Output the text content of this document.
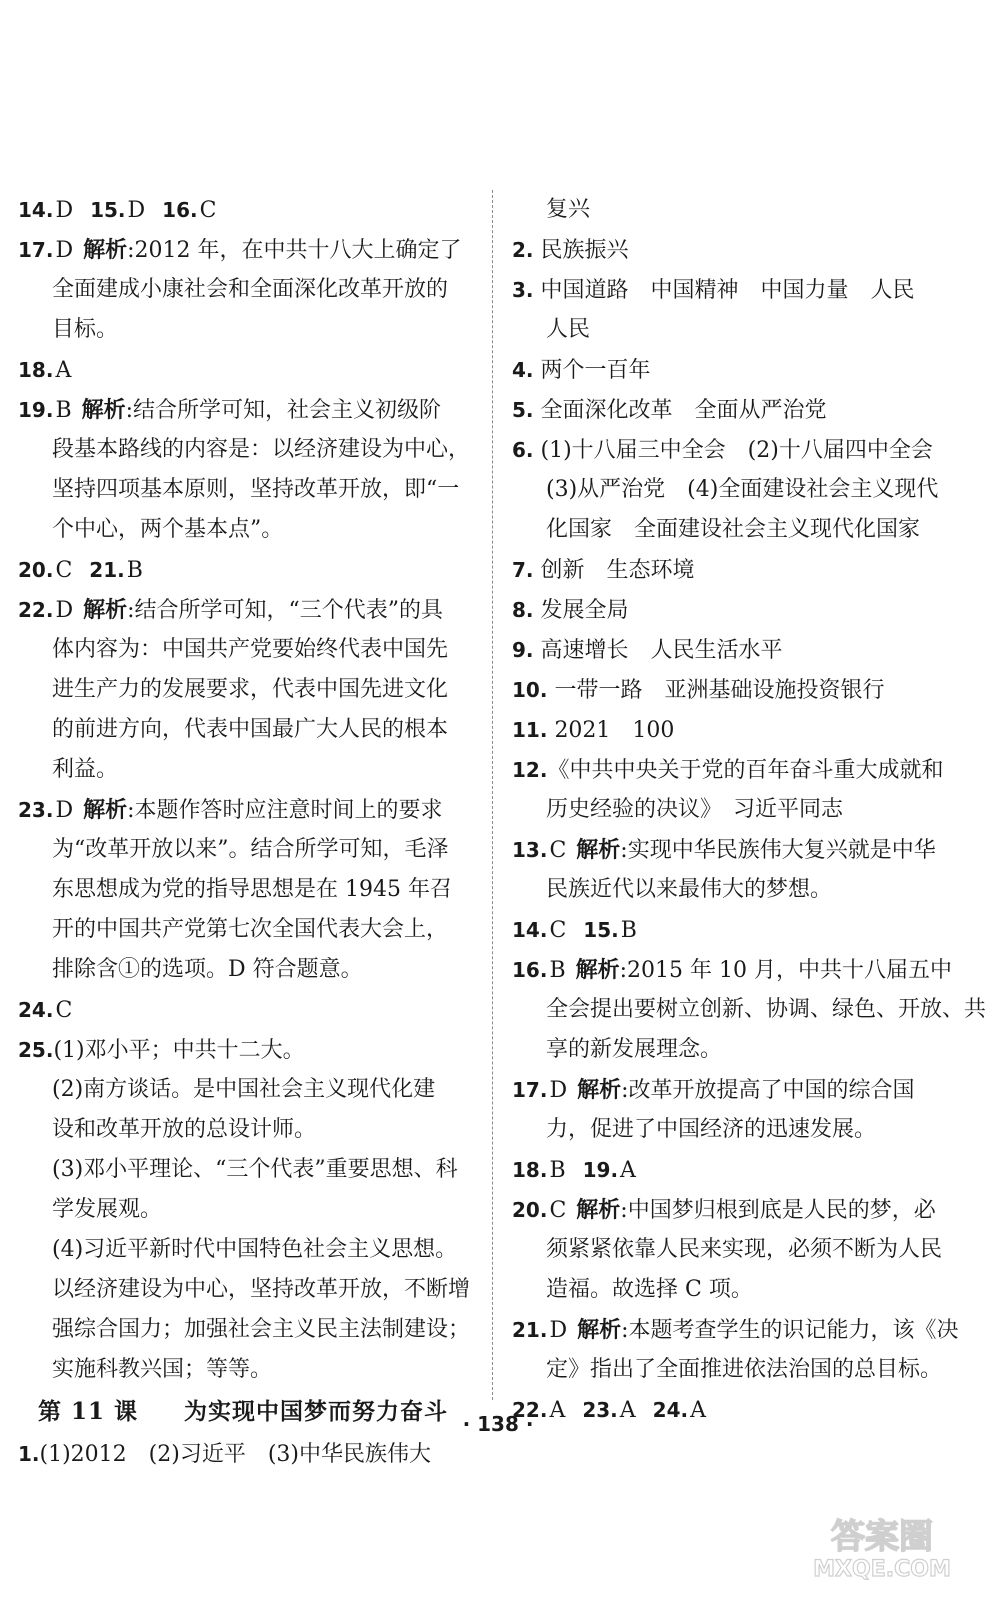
14.D 15.D 16.C
17.D 解析:2012 年，在中共十八大上确定了
全面建成小康社会和全面深化改革开放的
目标。
18.A
19.B 解析:结合所学可知，社会主义初级阶
段基本路线的内容是：以经济建设为中心，
坚持四项基本原则，坚持改革开放，即“一
个中心，两个基本点”。
20.C 21.B
22.D 解析:结合所学可知，“三个代表”的具
体内容为：中国共产党要始终代表中国先
进生产力的发展要求，代表中国先进文化
的前进方向，代表中国最广大人民的根本
利益。
23.D 解析:本题作答时应注意时间上的要求
为“改革开放以来”。结合所学可知，毛泽
东思想成为党的指导思想是在 1945 年召
开的中国共产党第七次全国代表大会上，
排除含①的选项。D 符合题意。
24.C
25.(1)邓小平；中共十二大。
(2)南方谈话。是中国社会主义现代化建
设和改革开放的总设计师。
(3)邓小平理论、“三个代表”重要思想、科
学发展观。
(4)习近平新时代中国特色社会主义思想。
以经济建设为中心，坚持改革开放，不断增
强综合国力；加强社会主义民主法制建设；
实施科教兴国；等等。
第 11 课 为实现中国梦而努力奋斗
1.(1)2012　(2)习近平　(3)中华民族伟大
复兴
2. 民族振兴
3. 中国道路　中国精神　中国力量　人民
人民
4. 两个一百年
5. 全面深化改革　全面从严治党
6. (1)十八届三中全会　(2)十八届四中全会
(3)从严治党　(4)全面建设社会主义现代
化国家　全面建设社会主义现代化国家
7. 创新　生态环境
8. 发展全局
9. 高速增长　人民生活水平
10. 一带一路　亚洲基础设施投资银行
11. 2021　100
12.《中共中央关于党的百年奋斗重大成就和
历史经验的决议》　习近平同志
13.C 解析:实现中华民族伟大复兴就是中华
民族近代以来最伟大的梦想。
14.C 15.B
16.B 解析:2015 年 10 月，中共十八届五中
全会提出要树立创新、协调、绿色、开放、共
享的新发展理念。
17.D 解析:改革开放提高了中国的综合国
力，促进了中国经济的迅速发展。
18.B 19.A
20.C 解析:中国梦归根到底是人民的梦，必
须紧紧依靠人民来实现，必须不断为人民
造福。故选择 C 项。
21.D 解析:本题考查学生的识记能力，该《决
定》指出了全面推进依法治国的总目标。
22.A 23.A 24.A
· 138 ·
答案圈
MXQE.COM
